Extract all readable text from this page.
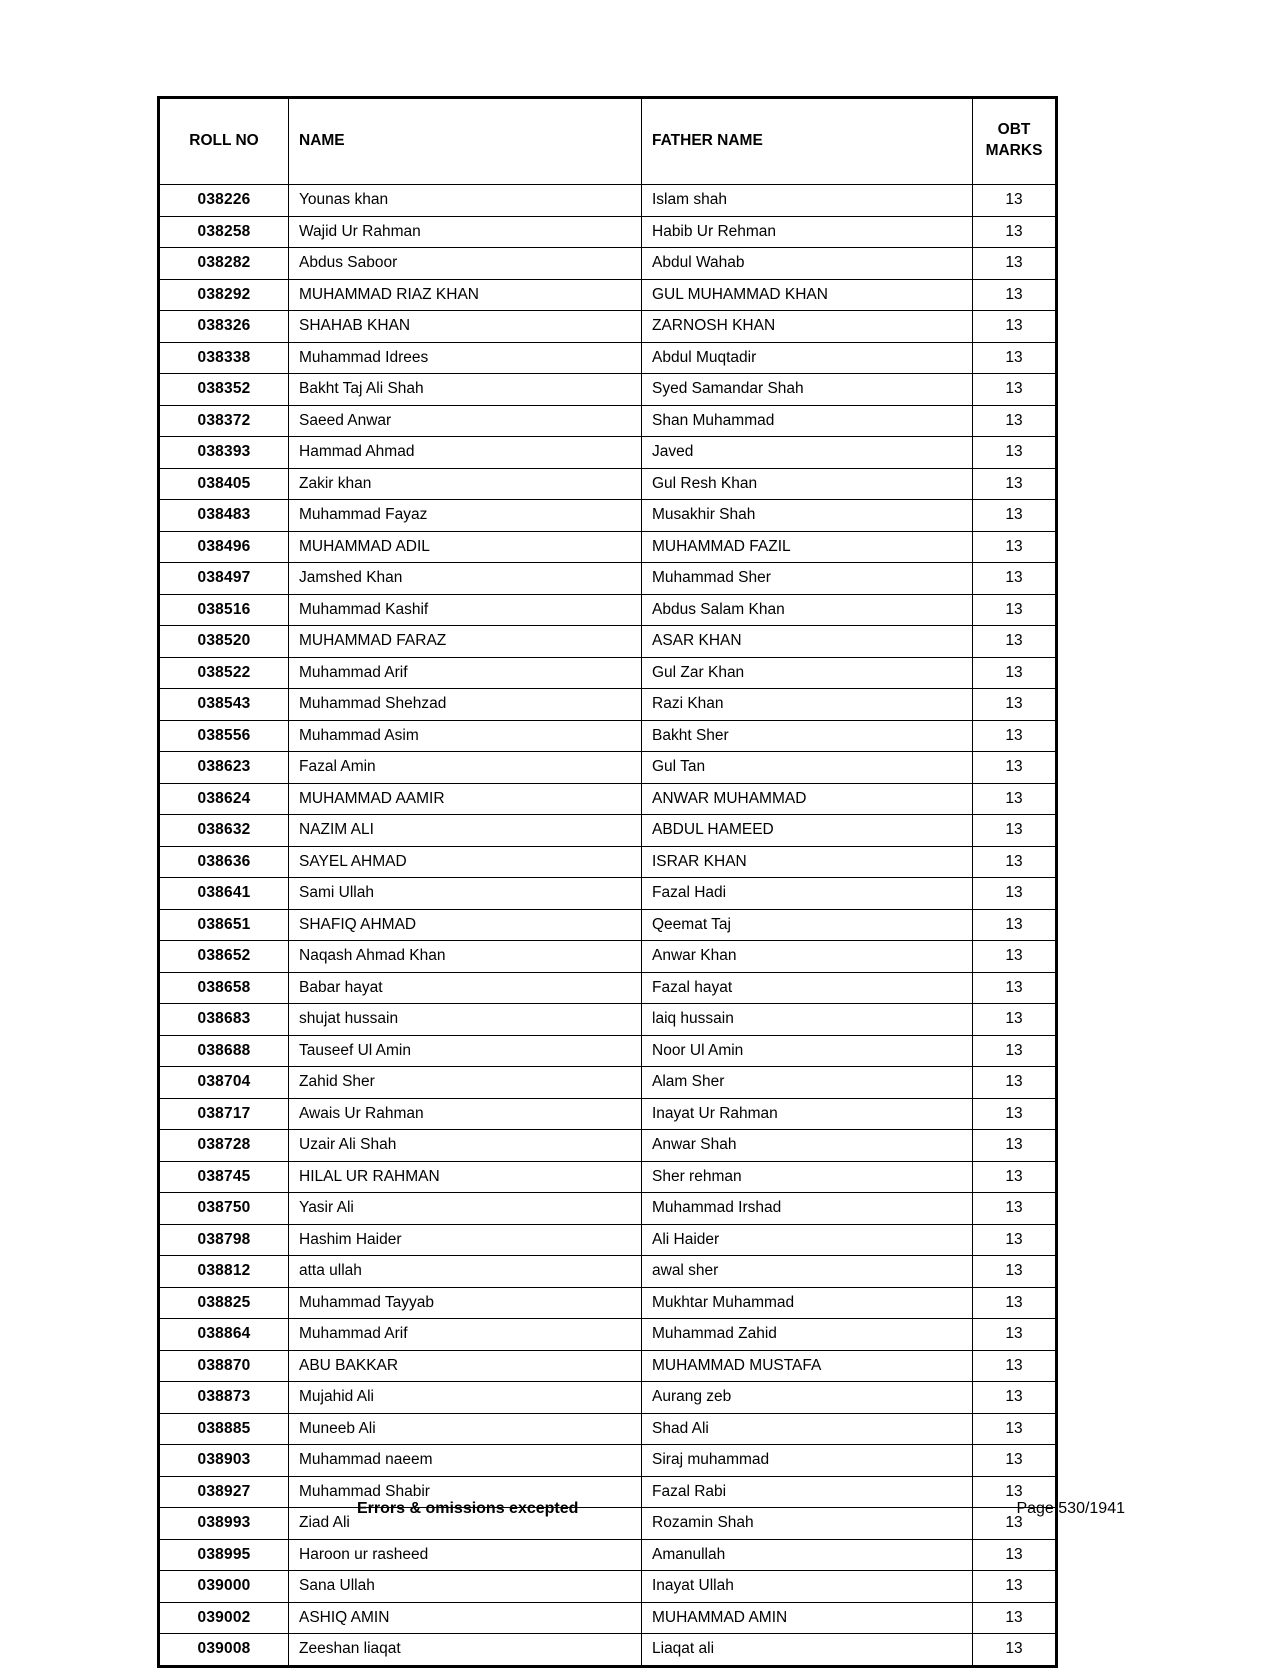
ROLL NO	NAME	FATHER NAME	OBT
MARKS

038226	Younas khan	Islam shah	13
038258	Wajid Ur Rahman	Habib Ur Rehman	13
038282	Abdus Saboor	Abdul Wahab	13
038292	MUHAMMAD RIAZ KHAN	GUL MUHAMMAD KHAN	13
038326	SHAHAB KHAN	ZARNOSH KHAN	13
038338	Muhammad Idrees	Abdul Muqtadir	13
038352	Bakht Taj Ali Shah	Syed Samandar Shah	13
038372	Saeed Anwar	Shan Muhammad	13
038393	Hammad Ahmad	Javed	13
038405	Zakir khan	Gul Resh Khan	13
038483	Muhammad Fayaz	Musakhir Shah	13
038496	MUHAMMAD ADIL	MUHAMMAD FAZIL	13
038497	Jamshed Khan	Muhammad Sher	13
038516	Muhammad Kashif	Abdus Salam Khan	13
038520	MUHAMMAD FARAZ	ASAR KHAN	13
038522	Muhammad Arif	Gul Zar Khan	13
038543	Muhammad Shehzad	Razi Khan	13
038556	Muhammad Asim	Bakht Sher	13
038623	Fazal Amin	Gul Tan	13
038624	MUHAMMAD AAMIR	ANWAR MUHAMMAD	13
038632	NAZIM ALI	ABDUL HAMEED	13
038636	SAYEL AHMAD	ISRAR KHAN	13
038641	Sami Ullah	Fazal Hadi	13
038651	SHAFIQ AHMAD	Qeemat Taj	13
038652	Naqash Ahmad Khan	Anwar Khan	13
038658	Babar hayat	Fazal hayat	13
038683	shujat hussain	laiq hussain	13
038688	Tauseef Ul Amin	Noor Ul Amin	13
038704	Zahid Sher	Alam Sher	13
038717	Awais Ur Rahman	Inayat Ur Rahman	13
038728	Uzair Ali Shah	Anwar Shah	13
038745	HILAL UR RAHMAN	Sher rehman	13
038750	Yasir Ali	Muhammad Irshad	13
038798	Hashim Haider	Ali Haider	13
038812	atta ullah	awal sher	13
038825	Muhammad Tayyab	Mukhtar Muhammad	13
038864	Muhammad Arif	Muhammad Zahid	13
038870	ABU BAKKAR	MUHAMMAD MUSTAFA	13
038873	Mujahid Ali	Aurang zeb	13
038885	Muneeb Ali	Shad Ali	13
038903	Muhammad naeem	Siraj muhammad	13
038927	Muhammad Shabir	Fazal Rabi	13
038993	Ziad Ali	Rozamin Shah	13
038995	Haroon ur rasheed	Amanullah	13
039000	Sana Ullah	Inayat Ullah	13
039002	ASHIQ AMIN	MUHAMMAD AMIN	13
039008	Zeeshan liaqat	Liaqat ali	13
Errors & omissions excepted	Page 530/1941
